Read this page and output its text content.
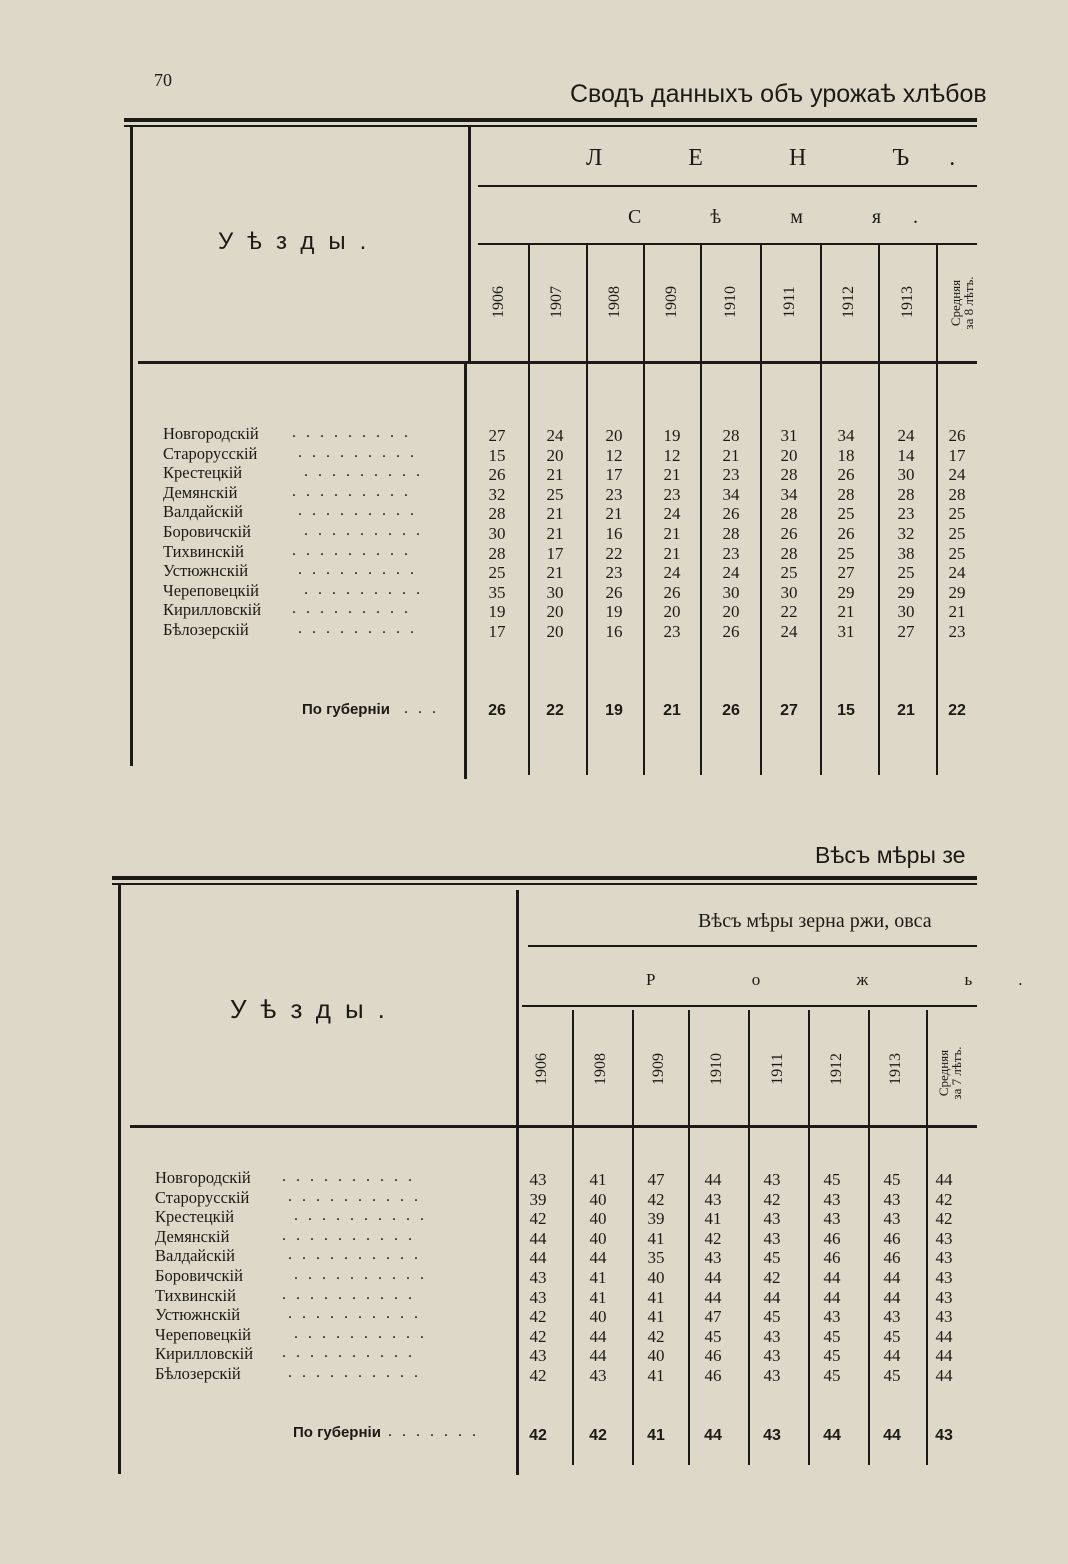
70	Сводъ данныхъ объ урожаѣ хлѣбов
Уѣзды.
Л Е Н Ъ.
С ѣ м я.
1906	1907	1908	1909	1910	1911	1912	1913 Средняя
за 8 лѣтъ.
Новгородскій . . . . . . . . .	27	24	20	19	28	31	34	24	26
Старорусскій	. . . . . . . . .	15	20	12	12	21	20	18	14	17
Крестецкій	. . . . . . . . .	26	21	17	21	23	28	26	30	24
Демянскій	. . . . . . . . .	32	25	23	23	34	34	28	28	28
Валдайскій	. . . . . . . . .	28	21	21	24	26	28	25	23	25
Боровичскій	. . . . . . . . .	30	21	16	21	28	26	26	32	25
Тихвинскій	. . . . . . . . .	28	17	22	21	23	28	25	38	25
Устюжнскій	. . . . . . . . .	25	21	23	24	24	25	27	25	24
Череповецкій	. . . . . . . . .	35	30	26	26	30	30	29	29	29
Кирилловскій . . . . . . . . .	19	20	19	20	20	22	21	30	21
Бѣлозерскій	. . . . . . . . .	17	20	16	23	26	24	31	27	23
По губерніи . . .	26	22	19	21	26	27	15	21	22
Вѣсъ мѣры зе
Уѣзды.
Вѣсъ мѣры зерна ржи, овса
Р о ж ь.
1906	1908	1909	1910	1911	1912	1913 Средняя
за 7 лѣтъ.
Новгородскій . . . . . . . . . .	43	41	47	44	43	45	45	44
Старорусскій . . . . . . . . . .	39	40	42	43	42	43	43	42
Крестецкій	. . . . . . . . . .	42	40	39	41	43	43	43	42
Демянскій	. . . . . . . . . .	44	40	41	42	43	46	46	43
Валдайскій	. . . . . . . . . .	44	44	35	43	45	46	46	43
Боровичскій	. . . . . . . . . .	43	41	40	44	42	44	44	43
Тихвинскій	. . . . . . . . . .	43	41	41	44	44	44	44	43
Устюжнскій	. . . . . . . . . .	42	40	41	47	45	43	43	43
Череповецкій	. . . . . . . . . .	42	44	42	45	43	45	45	44
Кирилловскій . . . . . . . . . .	43	44	40	46	43	45	44	44
Бѣлозерскій	. . . . . . . . . .	42	43	41	46	43	45	45	44
По губерніи . . . . . . .	42	42	41	44	43	44	44	43
